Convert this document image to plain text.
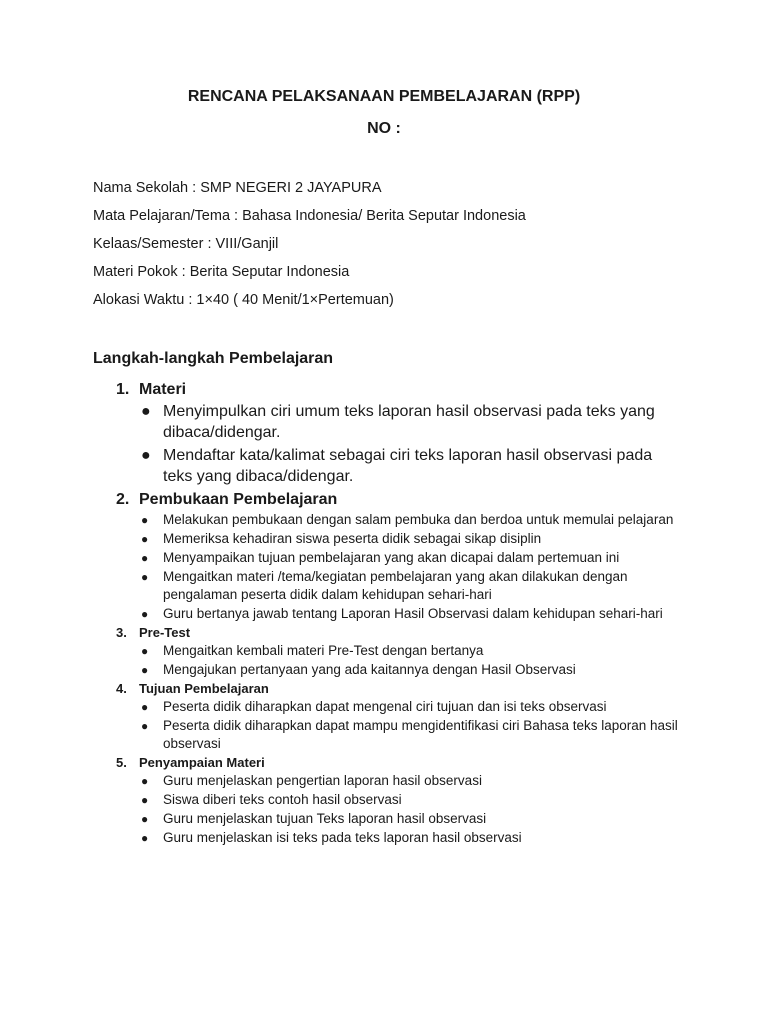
RENCANA PELAKSANAAN PEMBELAJARAN (RPP)
NO :
Nama Sekolah : SMP NEGERI 2 JAYAPURA
Mata Pelajaran/Tema : Bahasa Indonesia/ Berita Seputar Indonesia
Kelaas/Semester : VIII/Ganjil
Materi Pokok : Berita Seputar Indonesia
Alokasi Waktu : 1×40 ( 40 Menit/1×Pertemuan)
Langkah-langkah Pembelajaran
1. Materi
● Menyimpulkan ciri umum teks laporan hasil observasi pada teks yang dibaca/didengar.
● Mendaftar kata/kalimat sebagai ciri teks laporan hasil observasi pada teks yang dibaca/didengar.
2. Pembukaan Pembelajaran
● Melakukan pembukaan dengan salam pembuka dan berdoa untuk memulai pelajaran
● Memeriksa kehadiran siswa peserta didik sebagai sikap disiplin
● Menyampaikan tujuan pembelajaran yang akan dicapai dalam pertemuan ini
● Mengaitkan materi /tema/kegiatan pembelajaran yang akan dilakukan dengan pengalaman peserta didik dalam kehidupan sehari-hari
● Guru bertanya jawab tentang Laporan Hasil Observasi dalam kehidupan sehari-hari
3. Pre-Test
● Mengaitkan kembali materi Pre-Test dengan bertanya
● Mengajukan pertanyaan yang ada kaitannya dengan Hasil Observasi
4. Tujuan Pembelajaran
● Peserta didik diharapkan dapat mengenal ciri tujuan dan isi teks observasi
● Peserta didik diharapkan dapat mampu mengidentifikasi ciri Bahasa teks laporan hasil observasi
5. Penyampaian Materi
● Guru menjelaskan pengertian laporan hasil observasi
● Siswa diberi teks contoh hasil observasi
● Guru menjelaskan tujuan Teks laporan hasil observasi
● Guru menjelaskan isi teks pada teks laporan hasil observasi
